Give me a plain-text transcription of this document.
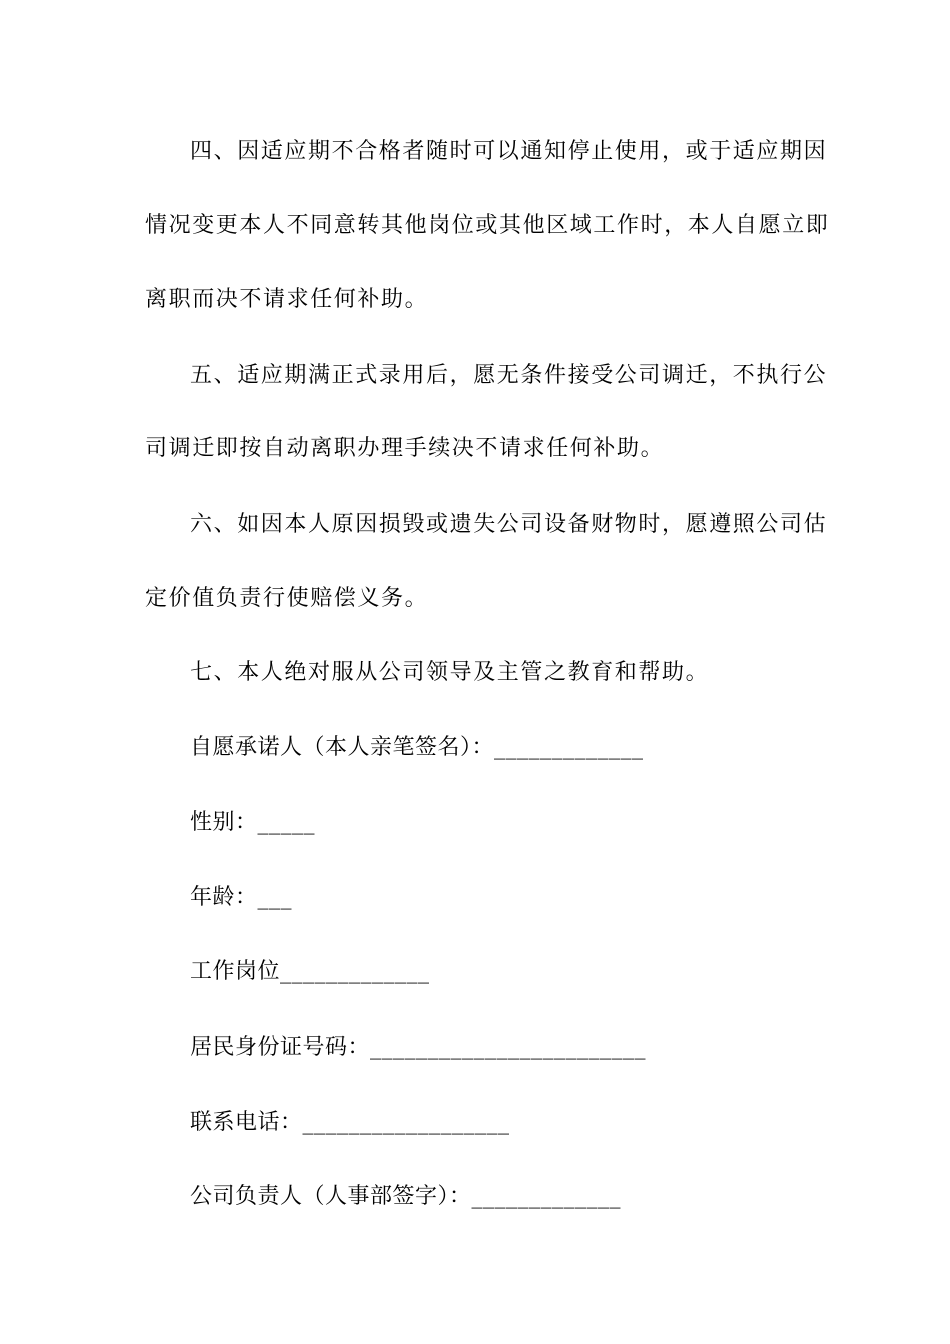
四、因适应期不合格者随时可以通知停止使用，或于适应期因
情况变更本人不同意转其他岗位或其他区域工作时，本人自愿立即
离职而决不请求任何补助。
五、适应期满正式录用后，愿无条件接受公司调迁，不执行公
司调迁即按自动离职办理手续决不请求任何补助。
六、如因本人原因损毁或遗失公司设备财物时，愿遵照公司估
定价值负责行使赔偿义务。
七、本人绝对服从公司领导及主管之教育和帮助。
自愿承诺人（本人亲笔签名）：_____________
性别：_____
年龄：___
工作岗位_____________
居民身份证号码：________________________
联系电话：__________________
公司负责人（人事部签字）：_____________
